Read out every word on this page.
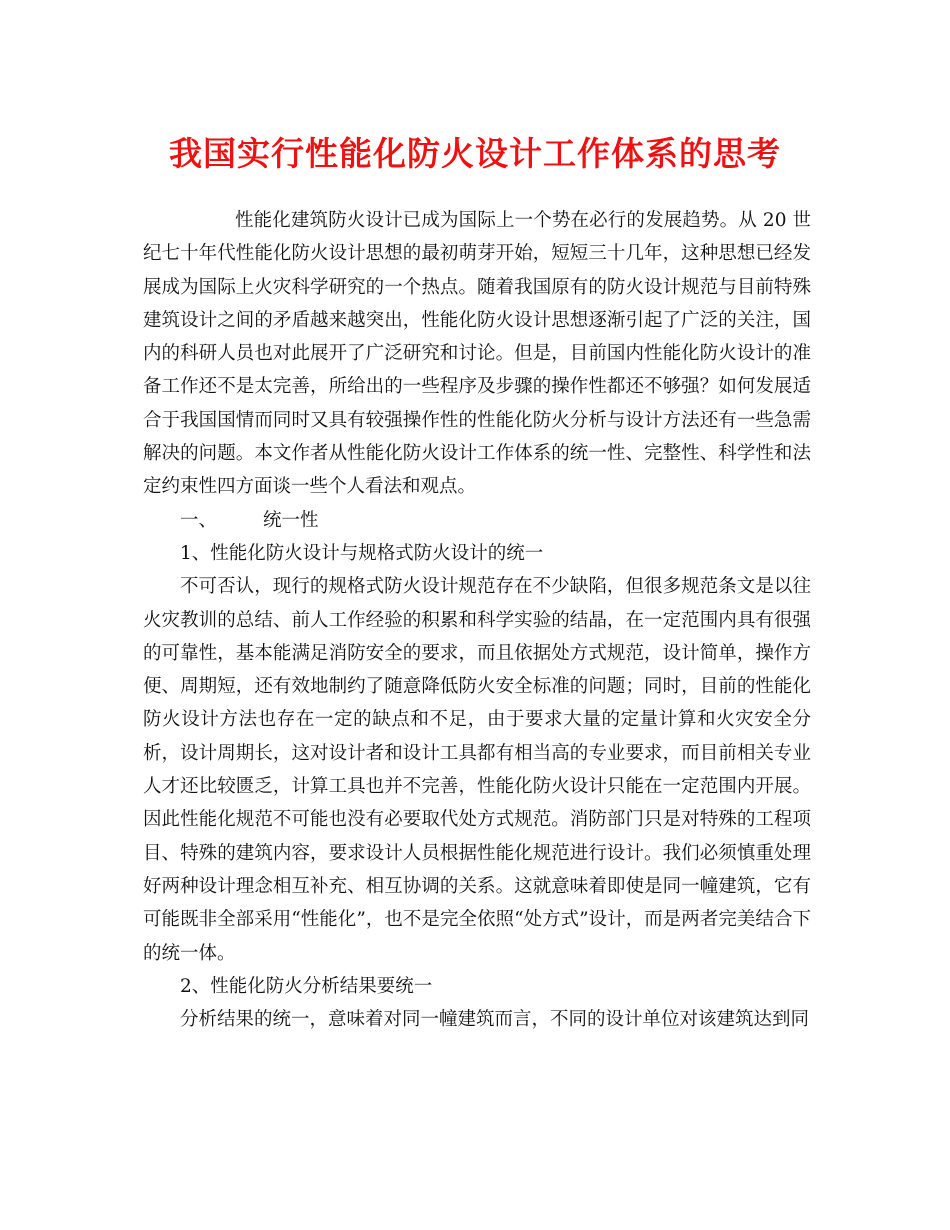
我国实行性能化防火设计工作体系的思考

性能化建筑防火设计已成为国际上一个势在必行的发展趋势。从 20 世纪七十年代性能化防火设计思想的最初萌芽开始，短短三十几年，这种思想已经发展成为国际上火灾科学研究的一个热点。随着我国原有的防火设计规范与目前特殊建筑设计之间的矛盾越来越突出，性能化防火设计思想逐渐引起了广泛的关注，国内的科研人员也对此展开了广泛研究和讨论。但是，目前国内性能化防火设计的准备工作还不是太完善，所给出的一些程序及步骤的操作性都还不够强？如何发展适合于我国国情而同时又具有较强操作性的性能化防火分析与设计方法还有一些急需解决的问题。本文作者从性能化防火设计工作体系的统一性、完整性、科学性和法定约束性四方面谈一些个人看法和观点。

一、 统一性

1、性能化防火设计与规格式防火设计的统一

不可否认，现行的规格式防火设计规范存在不少缺陷，但很多规范条文是以往火灾教训的总结、前人工作经验的积累和科学实验的结晶，在一定范围内具有很强的可靠性，基本能满足消防安全的要求，而且依据处方式规范，设计简单，操作方便、周期短，还有效地制约了随意降低防火安全标准的问题；同时，目前的性能化防火设计方法也存在一定的缺点和不足，由于要求大量的定量计算和火灾安全分析，设计周期长，这对设计者和设计工具都有相当高的专业要求，而目前相关专业人才还比较匮乏，计算工具也并不完善，性能化防火设计只能在一定范围内开展。因此性能化规范不可能也没有必要取代处方式规范。消防部门只是对特殊的工程项目、特殊的建筑内容，要求设计人员根据性能化规范进行设计。我们必须慎重处理好两种设计理念相互补充、相互协调的关系。这就意味着即使是同一幢建筑，它有可能既非全部采用“性能化”，也不是完全依照“处方式”设计，而是两者完美结合下的统一体。

2、性能化防火分析结果要统一

分析结果的统一，意味着对同一幢建筑而言，不同的设计单位对该建筑达到同
